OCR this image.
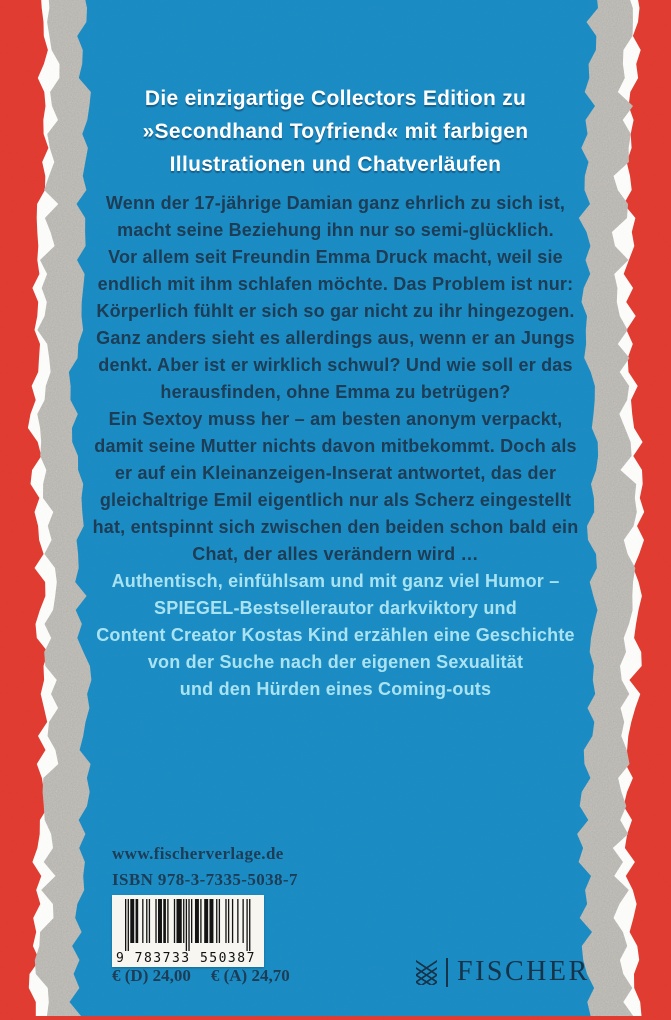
Die einzigartige Collectors Edition zu
»Secondhand Toyfriend« mit farbigen
Illustrationen und Chatverläufen
Wenn der 17-jährige Damian ganz ehrlich zu sich ist,
macht seine Beziehung ihn nur so semi-glücklich.
Vor allem seit Freundin Emma Druck macht, weil sie
endlich mit ihm schlafen möchte. Das Problem ist nur:
Körperlich fühlt er sich so gar nicht zu ihr hingezogen.
Ganz anders sieht es allerdings aus, wenn er an Jungs
denkt. Aber ist er wirklich schwul? Und wie soll er das
herausfinden, ohne Emma zu betrügen?
Ein Sextoy muss her – am besten anonym verpackt,
damit seine Mutter nichts davon mitbekommt. Doch als
er auf ein Kleinanzeigen-Inserat antwortet, das der
gleichaltrige Emil eigentlich nur als Scherz eingestellt
hat, entspinnt sich zwischen den beiden schon bald ein
Chat, der alles verändern wird …
Authentisch, einfühlsam und mit ganz viel Humor –
SPIEGEL-Bestsellerautor darkviktory und
Content Creator Kostas Kind erzählen eine Geschichte
von der Suche nach der eigenen Sexualität
und den Hürden eines Coming-outs
www.fischerverlage.de
ISBN 978-3-7335-5038-7
9 783733 550387
€ (D) 24,00 € (A) 24,70	FISCHER
